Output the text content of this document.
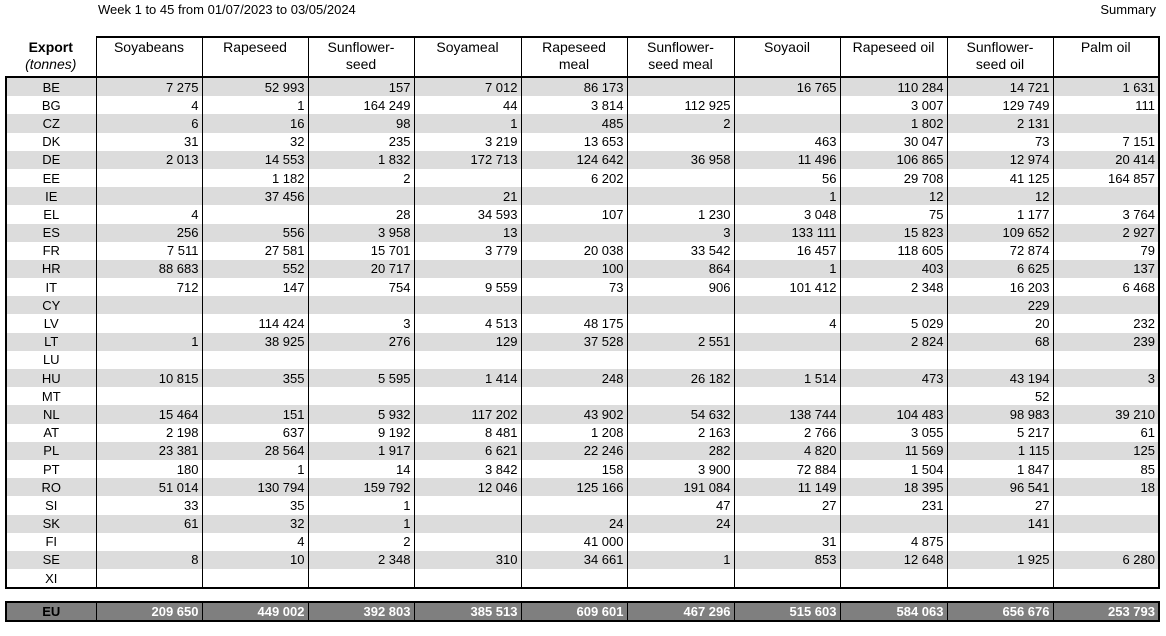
Week 1 to 45 from 01/07/2023 to 03/05/2024	Summary
Export
(tonnes)	Soyabeans	Rapeseed	Sunflower-
seed	Soyameal	Rapeseed
meal	Sunflower-
seed meal	Soyaoil	Rapeseed oil	Sunflower-
seed oil	Palm oil
BE	7 275	52 993	157	7 012	86 173		16 765	110 284	14 721	1 631
BG	4	1	164 249	44	3 814	112 925		3 007	129 749	111
CZ	6	16	98	1	485	2		1 802	2 131	
DK	31	32	235	3 219	13 653		463	30 047	73	7 151
DE	2 013	14 553	1 832	172 713	124 642	36 958	11 496	106 865	12 974	20 414
EE		1 182	2		6 202		56	29 708	41 125	164 857
IE		37 456		21			1	12	12	
EL	4		28	34 593	107	1 230	3 048	75	1 177	3 764
ES	256	556	3 958	13		3	133 111	15 823	109 652	2 927
FR	7 511	27 581	15 701	3 779	20 038	33 542	16 457	118 605	72 874	79
HR	88 683	552	20 717		100	864	1	403	6 625	137
IT	712	147	754	9 559	73	906	101 412	2 348	16 203	6 468
CY									229	
LV		114 424	3	4 513	48 175		4	5 029	20	232
LT	1	38 925	276	129	37 528	2 551		2 824	68	239
LU										
HU	10 815	355	5 595	1 414	248	26 182	1 514	473	43 194	3
MT									52	
NL	15 464	151	5 932	117 202	43 902	54 632	138 744	104 483	98 983	39 210
AT	2 198	637	9 192	8 481	1 208	2 163	2 766	3 055	5 217	61
PL	23 381	28 564	1 917	6 621	22 246	282	4 820	11 569	1 115	125
PT	180	1	14	3 842	158	3 900	72 884	1 504	1 847	85
RO	51 014	130 794	159 792	12 046	125 166	191 084	11 149	18 395	96 541	18
SI	33	35	1			47	27	231	27	
SK	61	32	1		24	24			141	
FI		4	2		41 000		31	4 875		
SE	8	10	2 348	310	34 661	1	853	12 648	1 925	6 280
XI										

EU	209 650	449 002	392 803	385 513	609 601	467 296	515 603	584 063	656 676	253 793
